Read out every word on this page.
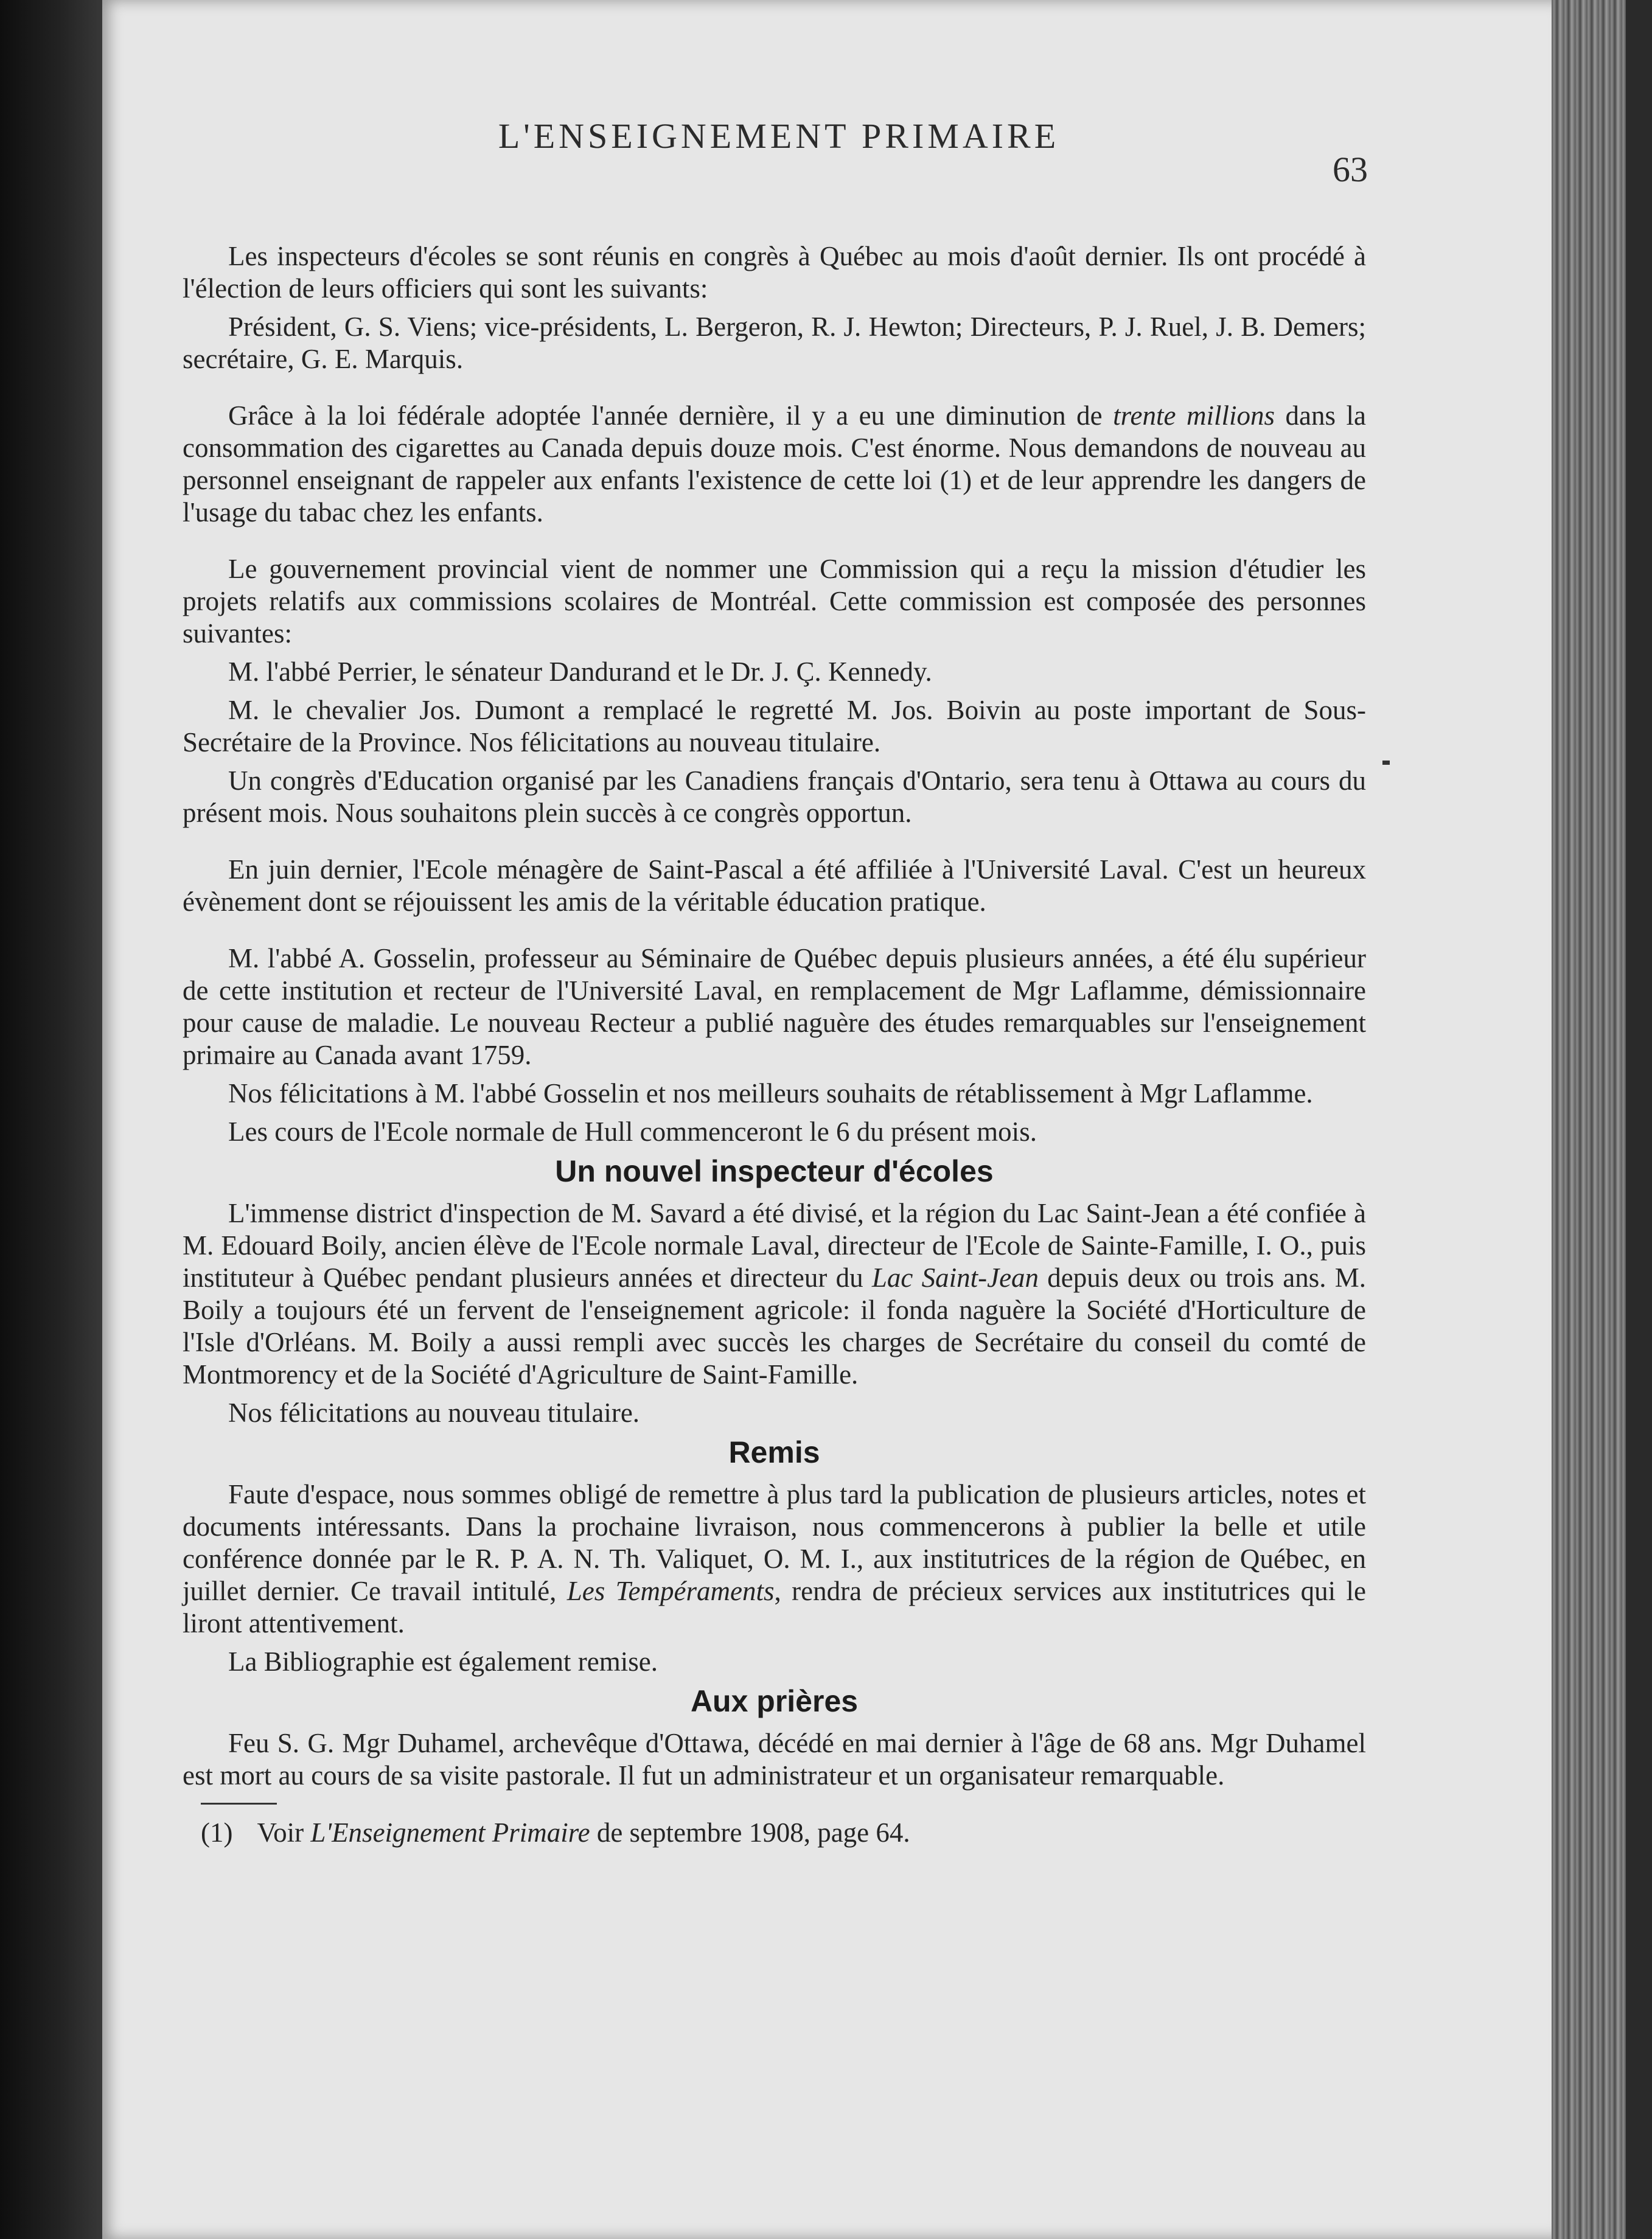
L'ENSEIGNEMENT PRIMAIRE
63

Les inspecteurs d'écoles se sont réunis en congrès à Québec au mois d'août dernier. Ils ont procédé à l'élection de leurs officiers qui sont les suivants:

Président, G. S. Viens; vice-présidents, L. Bergeron, R. J. Hewton; Directeurs, P. J. Ruel, J. B. Demers; secrétaire, G. E. Marquis.

Grâce à la loi fédérale adoptée l'année dernière, il y a eu une diminution de trente millions dans la consommation des cigarettes au Canada depuis douze mois. C'est énorme. Nous demandons de nouveau au personnel enseignant de rappeler aux enfants l'existence de cette loi (1) et de leur apprendre les dangers de l'usage du tabac chez les enfants.

Le gouvernement provincial vient de nommer une Commission qui a reçu la mission d'étudier les projets relatifs aux commissions scolaires de Montréal. Cette commission est composée des personnes suivantes:

M. l'abbé Perrier, le sénateur Dandurand et le Dr. J. Ç. Kennedy.

M. le chevalier Jos. Dumont a remplacé le regretté M. Jos. Boivin au poste important de Sous-Secrétaire de la Province. Nos félicitations au nouveau titulaire.

Un congrès d'Education organisé par les Canadiens français d'Ontario, sera tenu à Ottawa au cours du présent mois. Nous souhaitons plein succès à ce congrès opportun.

En juin dernier, l'Ecole ménagère de Saint-Pascal a été affiliée à l'Université Laval. C'est un heureux évènement dont se réjouissent les amis de la véritable éducation pratique.

M. l'abbé A. Gosselin, professeur au Séminaire de Québec depuis plusieurs années, a été élu supérieur de cette institution et recteur de l'Université Laval, en remplacement de Mgr Laflamme, démissionnaire pour cause de maladie. Le nouveau Recteur a publié naguère des études remarquables sur l'enseignement primaire au Canada avant 1759.

Nos félicitations à M. l'abbé Gosselin et nos meilleurs souhaits de rétablissement à Mgr Laflamme.

Les cours de l'Ecole normale de Hull commenceront le 6 du présent mois.

Un nouvel inspecteur d'écoles

L'immense district d'inspection de M. Savard a été divisé, et la région du Lac Saint-Jean a été confiée à M. Edouard Boily, ancien élève de l'Ecole normale Laval, directeur de l'Ecole de Sainte-Famille, I. O., puis instituteur à Québec pendant plusieurs années et directeur du Lac Saint-Jean depuis deux ou trois ans. M. Boily a toujours été un fervent de l'enseignement agricole: il fonda naguère la Société d'Horticulture de l'Isle d'Orléans. M. Boily a aussi rempli avec succès les charges de Secrétaire du conseil du comté de Montmorency et de la Société d'Agriculture de Saint-Famille.

Nos félicitations au nouveau titulaire.

Remis

Faute d'espace, nous sommes obligé de remettre à plus tard la publication de plusieurs articles, notes et documents intéressants. Dans la prochaine livraison, nous commencerons à publier la belle et utile conférence donnée par le R. P. A. N. Th. Valiquet, O. M. I., aux institutrices de la région de Québec, en juillet dernier. Ce travail intitulé, Les Tempéraments, rendra de précieux services aux institutrices qui le liront attentivement.

La Bibliographie est également remise.

Aux prières

Feu S. G. Mgr Duhamel, archevêque d'Ottawa, décédé en mai dernier à l'âge de 68 ans. Mgr Duhamel est mort au cours de sa visite pastorale. Il fut un administrateur et un organisateur remarquable.

(1) Voir L'Enseignement Primaire de septembre 1908, page 64.
